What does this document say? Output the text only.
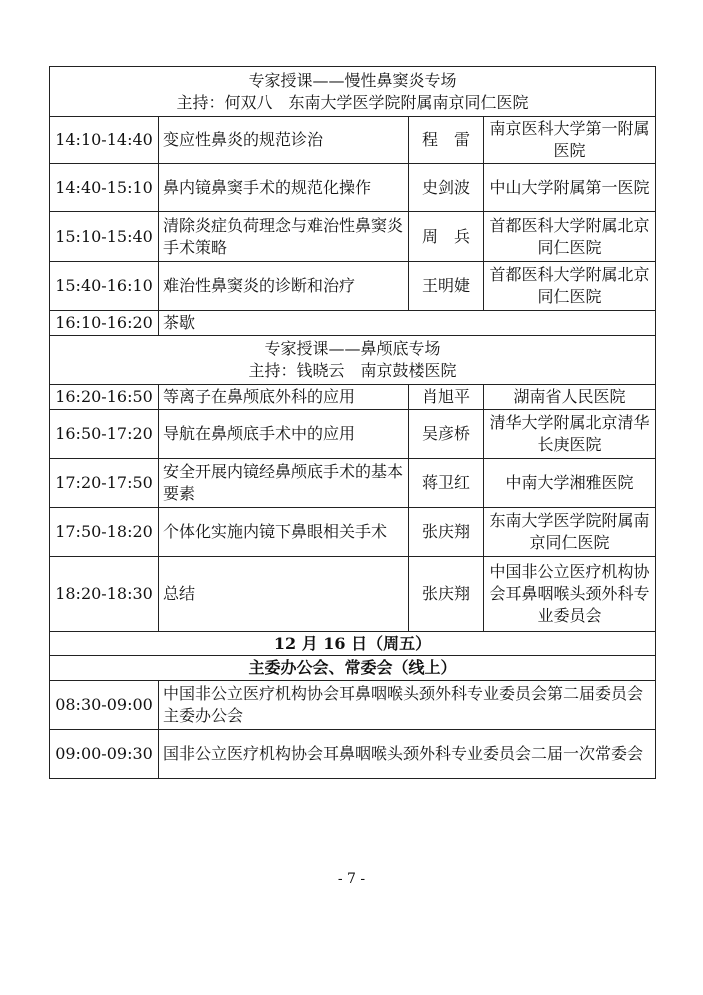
专家授课——慢性鼻窦炎专场
主持：何双八　东南大学医学院附属南京同仁医院			

14:10-14:40	变应性鼻炎的规范诊治	程　雷	南京医科大学第一附属医院
14:40-15:10	鼻内镜鼻窦手术的规范化操作	史剑波	中山大学附属第一医院
15:10-15:40	清除炎症负荷理念与难治性鼻窦炎手术策略	周　兵	首都医科大学附属北京同仁医院
15:40-16:10	难治性鼻窦炎的诊断和治疗	王明婕	首都医科大学附属北京同仁医院
16:10-16:20	茶歇		

专家授课——鼻颅底专场
主持：钱晓云　南京鼓楼医院			

16:20-16:50	等离子在鼻颅底外科的应用	肖旭平	湖南省人民医院
16:50-17:20	导航在鼻颅底手术中的应用	吴彦桥	清华大学附属北京清华长庚医院
17:20-17:50	安全开展内镜经鼻颅底手术的基本要素	蒋卫红	中南大学湘雅医院
17:50-18:20	个体化实施内镜下鼻眼相关手术	张庆翔	东南大学医学院附属南京同仁医院
18:20-18:30	总结	张庆翔	中国非公立医疗机构协会耳鼻咽喉头颈外科专业委员会
12 月 16 日（周五）			
主委办公会、常委会（线上）			
08:30-09:00	中国非公立医疗机构协会耳鼻咽喉头颈外科专业委员会第二届委员会主委办公会		
09:00-09:30	国非公立医疗机构协会耳鼻咽喉头颈外科专业委员会二届一次常委会		
- 7 -
